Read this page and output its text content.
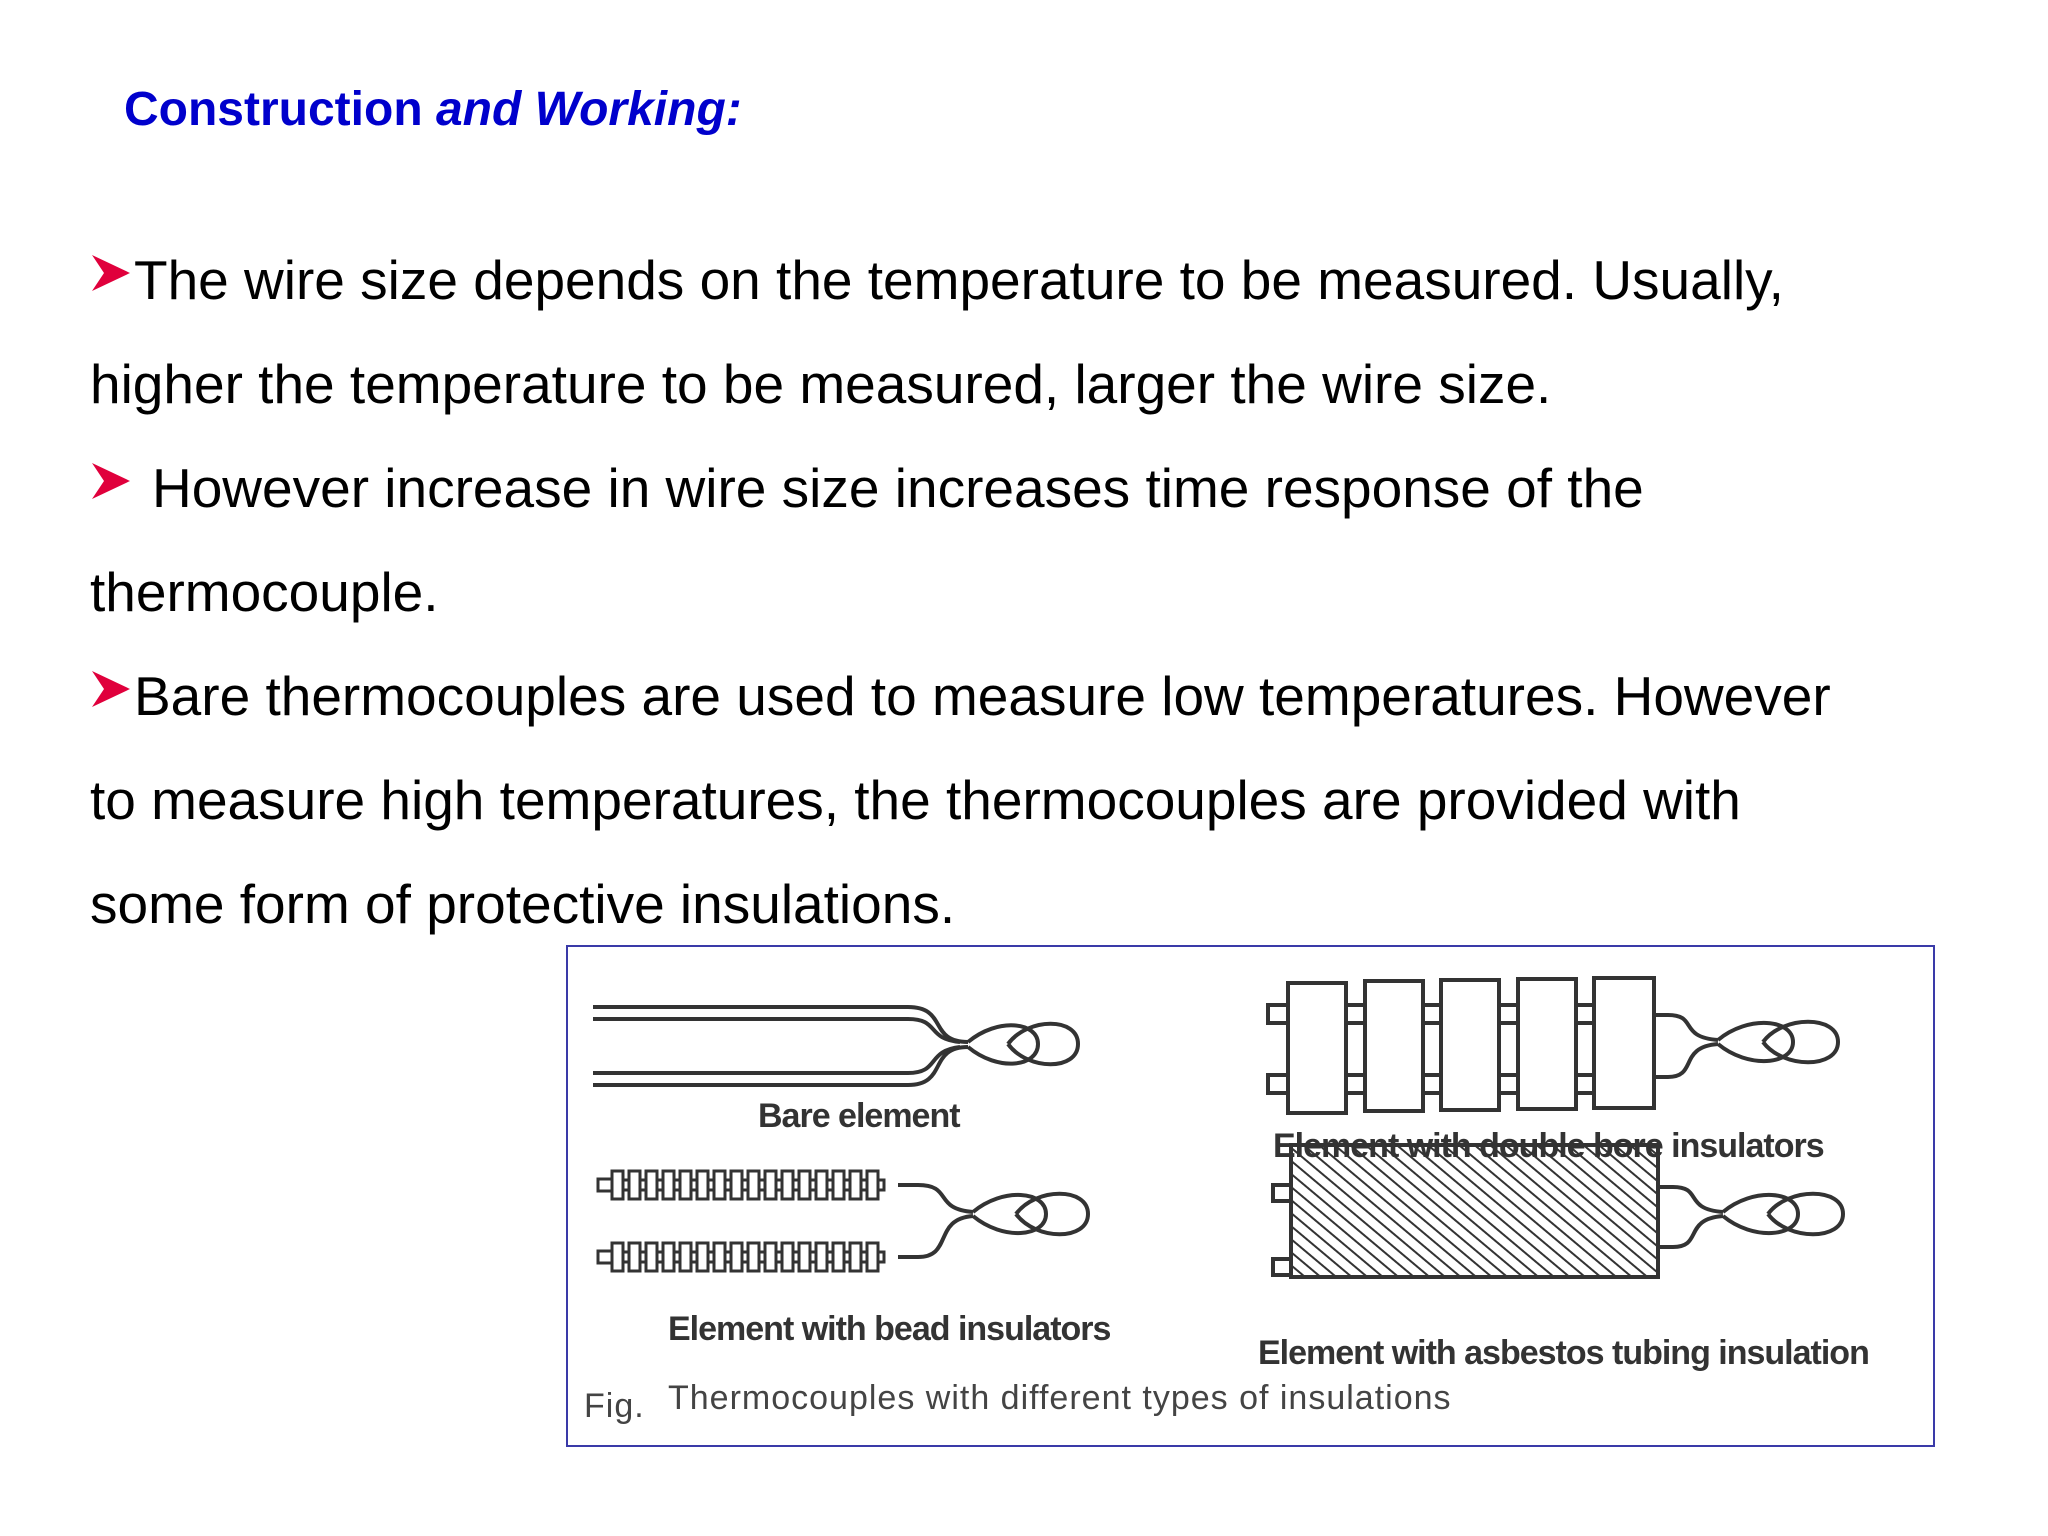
Construction and Working:
The wire size depends on the temperature to be measured. Usually,
higher the temperature to be measured, larger the wire size.
However increase in wire size increases time response of the
thermocouple.
Bare thermocouples are used to measure low temperatures. However
to measure high temperatures, the thermocouples are provided with
some form of protective insulations.
Bare element
Element with double bore insulators
Element with bead insulators
Element with asbestos tubing insulation
Fig. Thermocouples with different types of insulations
